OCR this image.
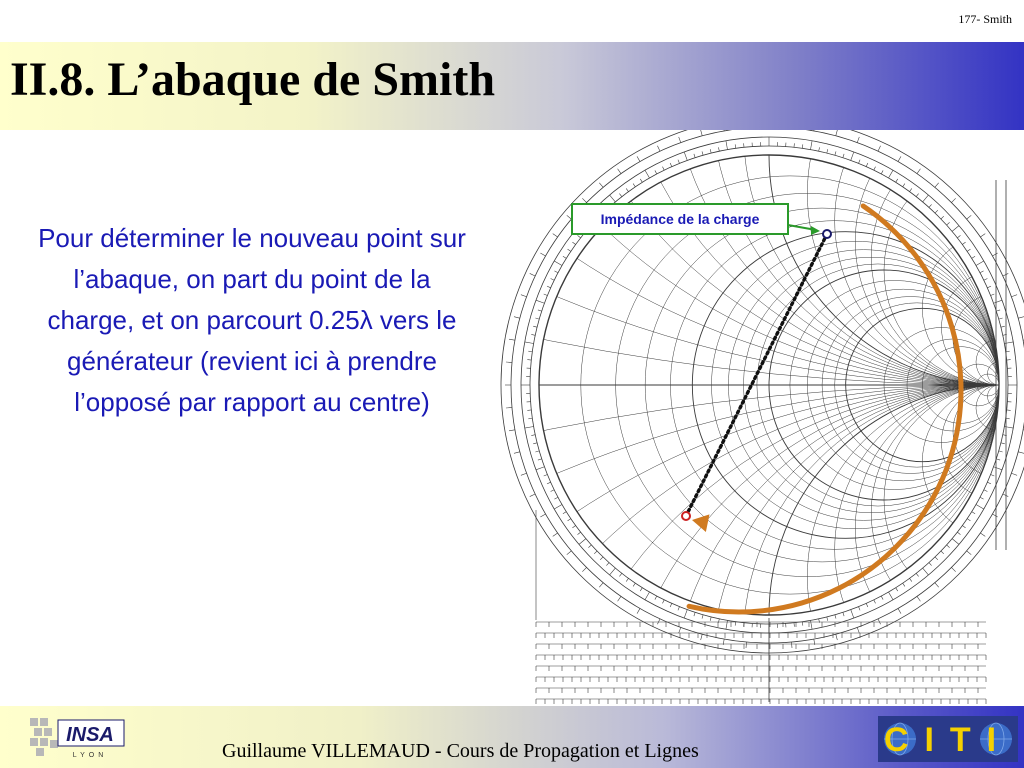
177- Smith
II.8. L’abaque de Smith
Pour déterminer le nouveau point sur l’abaque, on part du point de la charge, et on parcourt 0.25λ vers le générateur (revient ici à prendre l’opposé par rapport au centre)
Impédance de la charge
INSA
LYON	CITI
Guillaume VILLEMAUD - Cours de Propagation et Lignes
